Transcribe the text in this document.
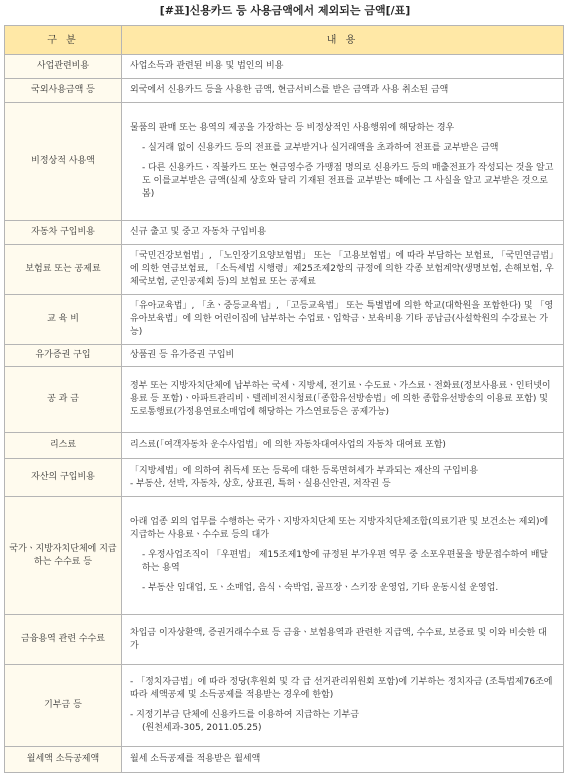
[#표]신용카드 등 사용금액에서 제외되는 금액[/표]
구 분	내 용
사업관련비용	사업소득과 관련된 비용 및 법인의 비용

국외사용금액 등	외국에서 신용카드 등을 사용한 금액, 현금서비스를 받은 금액과 사용 취소된 금액

비정상적 사용액	물품의 판매 또는 용역의 제공을 가장하는 등 비정상적인 사용행위에 해당하는 경우

- 실거래 없이 신용카드 등의 전표를 교부받거나 실거래액을 초과하여 전표를 교부받은 금액

- 다른 신용카드ㆍ직불카드 또는 현금영수증 가맹점 명의로 신용카드 등의 매출전표가 작성되는 것을 알고도 이를교부받은 금액(실제 상호와 달리 기재된 전표를 교부받는 때에는 그 사실을 알고 교부받은 것으로 봄)

자동차 구입비용	신규 출고 및 중고 자동차 구입비용

보험료 또는 공제료	「국민건강보험법」, 「노인장기요양보험법」 또는 「고용보험법」에 따라 부담하는 보험료, 「국민연금법」에 의한 연금보험료, 「소득세법 시행령」제25조제2항의 규정에 의한 각종 보험계약(생명보험, 손해보험, 우체국보험, 군인공제회 등)의 보험료 또는 공제료

교 육 비	「유아교육법」, 「초ㆍ중등교육법」, 「고등교육법」 또는 특별법에 의한 학교(대학원을 포함한다) 및 「영유아보육법」에 의한 어린이집에 납부하는 수업료ㆍ입학금ㆍ보육비용 기타 공납금(사설학원의 수강료는 가능)

유가증권 구입	상품권 등 유가증권 구입비

공 과 금	정부 또는 지방자치단체에 납부하는 국세ㆍ지방세, 전기료ㆍ수도료ㆍ가스료ㆍ전화료(정보사용료ㆍ인터넷이용료 등 포함)ㆍ아파트관리비ㆍ텔레비전시청료(「종합유선방송법」에 의한 종합유선방송의 이용료 포함) 및 도로통행료(가정용연료소매업에 해당하는 가스연료등은 공제가능)

리스료	리스료(「여객자동차 운수사업법」에 의한 자동차대여사업의 자동차 대여료 포함)

자산의 구입비용	「지방세법」에 의하여 취득세 또는 등록에 대한 등록면허세가 부과되는 재산의 구입비용

- 부동산, 선박, 자동차, 상호, 상표권, 특허ㆍ실용신안권, 저작권 등

국가ㆍ지방자치단체에 지급하는 수수료 등	아래 업종 외의 업무를 수행하는 국가ㆍ지방자치단체 또는 지방자치단체조합(의료기관 및 보건소는 제외)에 지급하는 사용료ㆍ수수료 등의 대가

- 우정사업조직이 「우편법」 제15조제1항에 규정된 부가우편 역무 중 소포우편물을 방문접수하여 배달하는 용역

- 부동산 임대업, 도ㆍ소매업, 음식ㆍ숙박업, 골프장ㆍ스키장 운영업, 기타 운동시설 운영업.

금융용역 관련 수수료	차입금 이자상환액, 증권거래수수료 등 금융ㆍ보험용역과 관련한 지급액, 수수료, 보증료 및 이와 비슷한 대가

기부금 등	- 「정치자금법」에 따라 정당(후원회 및 각 급 선거관리위원회 포함)에 기부하는 정치자금 (조특법제76조에 따라 세액공제 및 소득공제를 적용받는 경우에 한함)

- 지정기부금 단체에 신용카드를 이용하여 지급하는 기부금

(원천세과-305, 2011.05.25)

월세액 소득공제액	월세 소득공제를 적용받은 월세액
